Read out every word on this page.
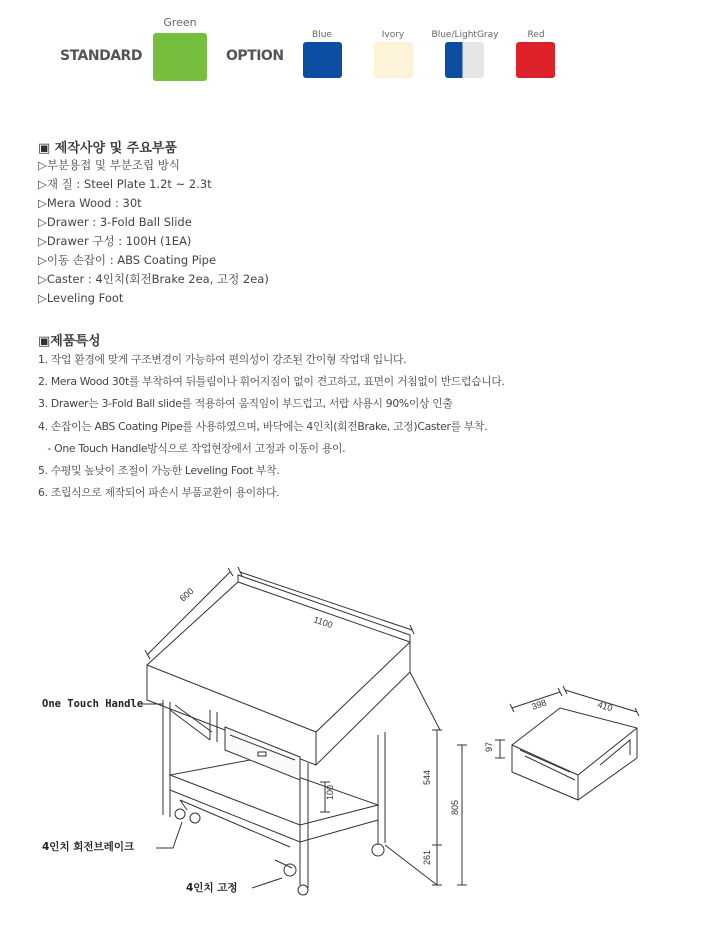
STANDARD
Green
OPTION
Blue	Ivory	Blue/LightGray	Red
▣ 제작사양 및 주요부품
▷부분용접 및 부분조립 방식
▷재 질 : Steel Plate 1.2t ~ 2.3t
▷Mera Wood : 30t
▷Drawer : 3-Fold Ball Slide
▷Drawer 구성 : 100H (1EA)
▷이동 손잡이 : ABS Coating Pipe
▷Caster : 4인치(회전Brake 2ea, 고정 2ea)
▷Leveling Foot
▣제품특성
1. 작업 환경에 맞게 구조변경이 가능하여 편의성이 강조된 간이형 작업대 입니다.
2. Mera Wood 30t를 부착하여 뒤틀림이나 휘어지짐이 없이 견고하고, 표면이 거침없이 반드럽습니다.
3. Drawer는 3-Fold Ball slide를 적용하여 움직임이 부드럽고, 서랍 사용시 90%이상 인출
4. 손잡이는 ABS Coating Pipe를 사용하였으며, 바닥에는 4인치(회전Brake, 고정)Caster를 부착.
- One Touch Handle방식으로 작업현장에서 고정과 이동이 용이.
5. 수평및 높낮이 조절이 가능한 Leveling Foot 부착.
6. 조립식으로 제작되어 파손시 부품교환이 용이하다.
600
1100
544
805
261
100
398	410
97
One Touch Handle
4인치 회전브레이크
4인치 고정
